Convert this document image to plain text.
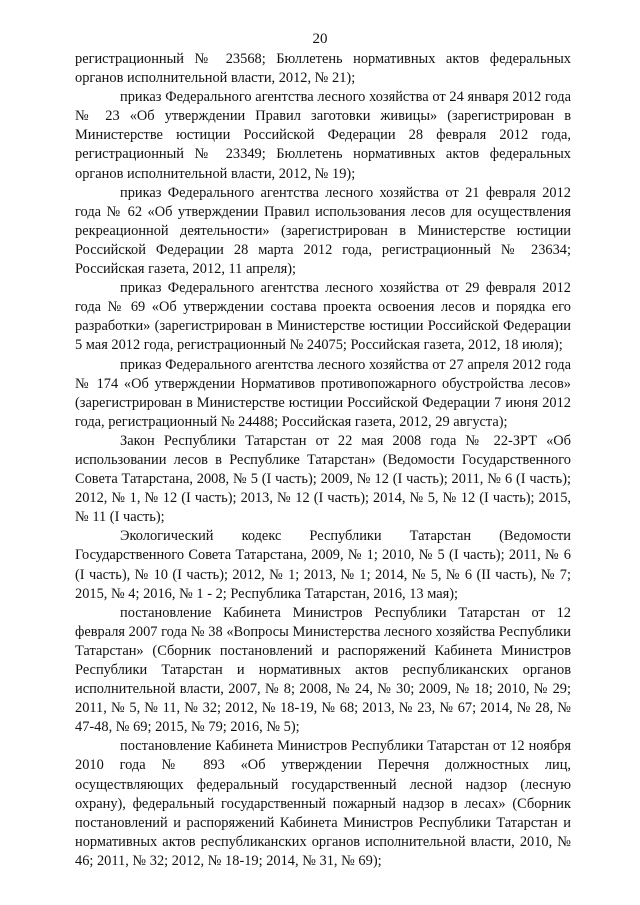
20

регистрационный № 23568; Бюллетень нормативных актов федеральных органов исполнительной власти, 2012, № 21);

приказ Федерального агентства лесного хозяйства от 24 января 2012 года № 23 «Об утверждении Правил заготовки живицы» (зарегистрирован в Министерстве юстиции Российской Федерации 28 февраля 2012 года, регистрационный № 23349; Бюллетень нормативных актов федеральных органов исполнительной власти, 2012, № 19);

приказ Федерального агентства лесного хозяйства от 21 февраля 2012 года № 62 «Об утверждении Правил использования лесов для осуществления рекреационной деятельности» (зарегистрирован в Министерстве юстиции Российской Федерации 28 марта 2012 года, регистрационный № 23634; Российская газета, 2012, 11 апреля);

приказ Федерального агентства лесного хозяйства от 29 февраля 2012 года № 69 «Об утверждении состава проекта освоения лесов и порядка его разработки» (зарегистрирован в Министерстве юстиции Российской Федерации 5 мая 2012 года, регистрационный № 24075; Российская газета, 2012, 18 июля);

приказ Федерального агентства лесного хозяйства от 27 апреля 2012 года № 174 «Об утверждении Нормативов противопожарного обустройства лесов» (зарегистрирован в Министерстве юстиции Российской Федерации 7 июня 2012 года, регистрационный № 24488; Российская газета, 2012, 29 августа);

Закон Республики Татарстан от 22 мая 2008 года № 22-ЗРТ «Об использовании лесов в Республике Татарстан» (Ведомости Государственного Совета Татарстана, 2008, № 5 (I часть); 2009, № 12 (I часть); 2011, № 6 (I часть); 2012, № 1, № 12 (I часть); 2013, № 12 (I часть); 2014, № 5, № 12 (I часть); 2015, № 11 (I часть);

Экологический кодекс Республики Татарстан (Ведомости Государственного Совета Татарстана, 2009, № 1; 2010, № 5 (I часть); 2011, № 6 (I часть), № 10 (I часть); 2012, № 1; 2013, № 1; 2014, № 5, № 6 (II часть), № 7; 2015, № 4; 2016, № 1 - 2; Республика Татарстан, 2016, 13 мая);

постановление Кабинета Министров Республики Татарстан от 12 февраля 2007 года № 38 «Вопросы Министерства лесного хозяйства Республики Татарстан» (Сборник постановлений и распоряжений Кабинета Министров Республики Татарстан и нормативных актов республиканских органов исполнительной власти, 2007, № 8; 2008, № 24, № 30; 2009, № 18; 2010, № 29; 2011, № 5, № 11, № 32; 2012, № 18-19, № 68; 2013, № 23, № 67; 2014, № 28, № 47-48, № 69; 2015, № 79; 2016, № 5);

постановление Кабинета Министров Республики Татарстан от 12 ноября 2010 года № 893 «Об утверждении Перечня должностных лиц, осуществляющих федеральный государственный лесной надзор (лесную охрану), федеральный государственный пожарный надзор в лесах» (Сборник постановлений и распоряжений Кабинета Министров Республики Татарстан и нормативных актов республиканских органов исполнительной власти, 2010, № 46; 2011, № 32; 2012, № 18-19; 2014, № 31, № 69);
